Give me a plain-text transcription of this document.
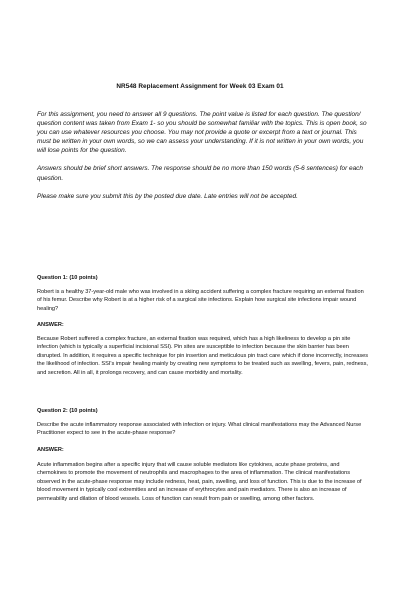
NR548 Replacement Assignment for Week 03 Exam 01

For this assignment, you need to answer all 9 questions. The point value is listed for each question. The question/ question content was taken from Exam 1- so you should be somewhat familiar with the topics. This is open book, so you can use whatever resources you choose. You may not provide a quote or excerpt from a text or journal. This must be written in your own words, so we can assess your understanding. If it is not written in your own words, you will lose points for the question.

Answers should be brief short answers. The response should be no more than 150 words (5-6 sentences) for each question.

Please make sure you submit this by the posted due date. Late entries will not be accepted.

Question 1: (10 points)

Robert is a healthy 37-year-old male who was involved in a skiing accident suffering a complex fracture requiring an external fixation of his femur. Describe why Robert is at a higher risk of a surgical site infections. Explain how surgical site infections impair wound healing?

ANSWER:

Because Robert suffered a complex fracture, an external fixation was required, which has a high likeliness to develop a pin site infection (which is typically a superficial incisional SSI). Pin sites are susceptible to infection because the skin barrier has been disrupted. In addition, it requires a specific technique for pin insertion and meticulous pin tract care which if done incorrectly, increases the likelihood of infection. SSI's impair healing mainly by creating new symptoms to be treated such as swelling, fevers, pain, redness, and secretion. All in all, it prolongs recovery, and can cause morbidity and mortality.

Question 2: (10 points)

Describe the acute inflammatory response associated with infection or injury. What clinical manifestations may the Advanced Nurse Practitioner expect to see in the acute-phase response?

ANSWER:

Acute inflammation begins after a specific injury that will cause soluble mediators like cytokines, acute phase proteins, and chemokines to promote the movement of neutrophils and macrophages to the area of inflammation. The clinical manifestations observed in the acute-phase response may include redness, heat, pain, swelling, and loss of function. This is due to the increase of blood movement in typically cool extremities and an increase of erythrocytes and pain mediators. There is also an increase of permeability and dilation of blood vessels. Loss of function can result from pain or swelling, among other factors.
